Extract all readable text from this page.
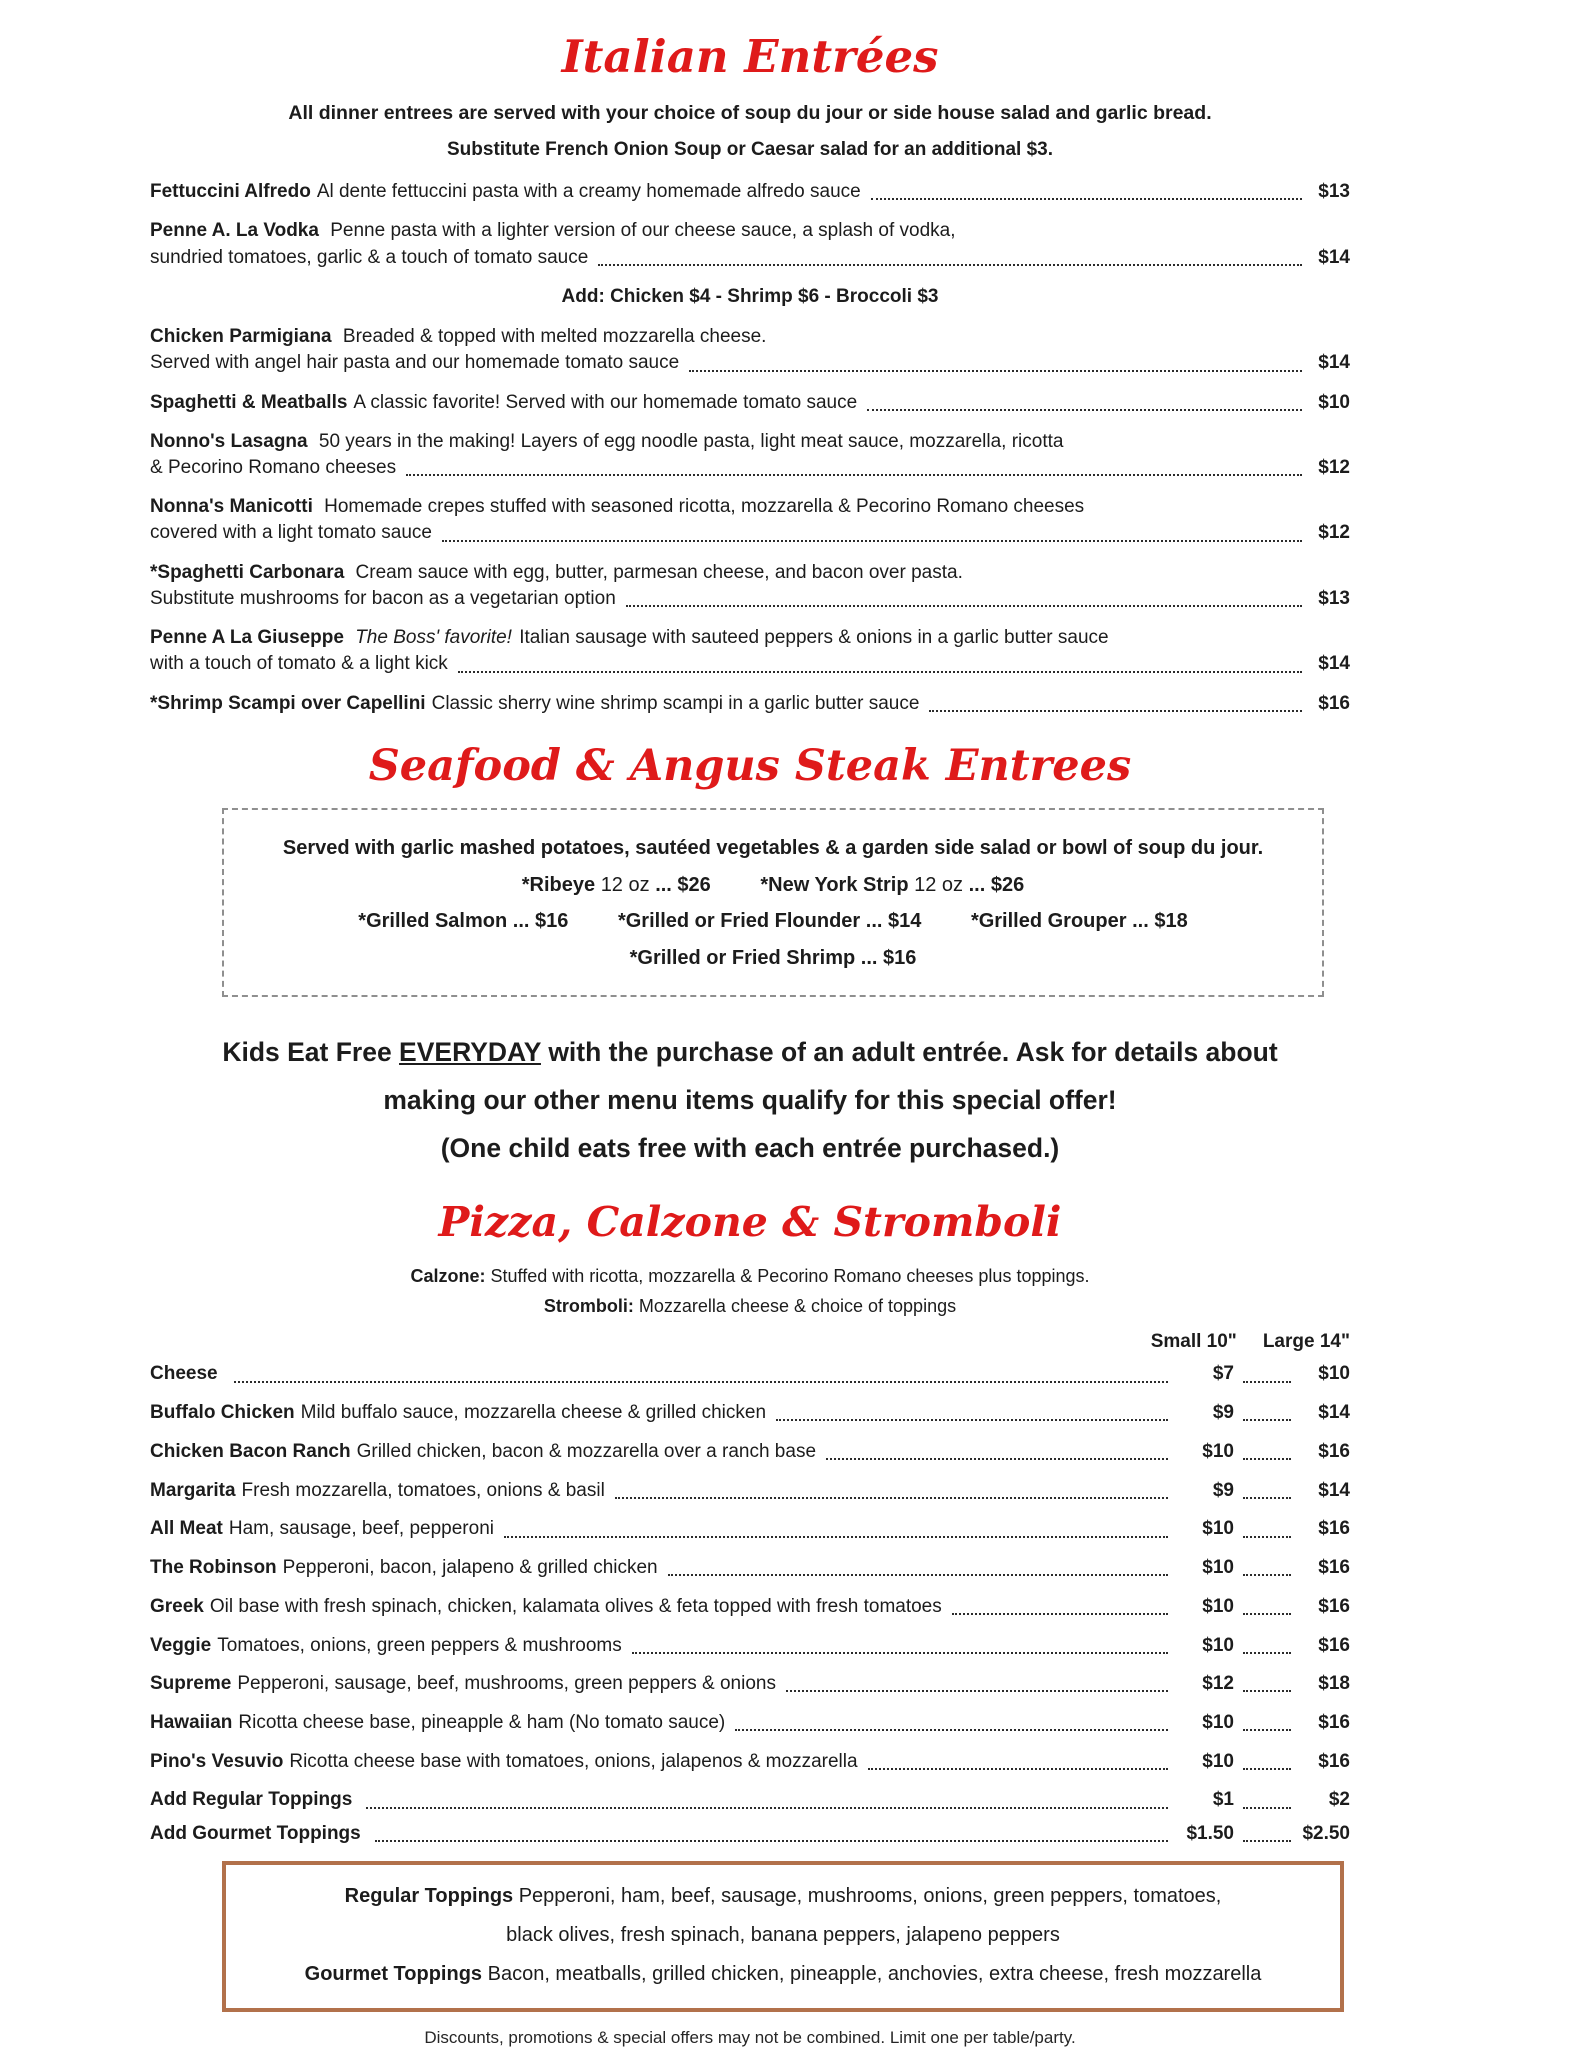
Italian Entrées

All dinner entrees are served with your choice of soup du jour or side house salad and garlic bread.

Substitute French Onion Soup or Caesar salad for an additional $3.

Fettuccini Alfredo Al dente fettuccini pasta with a creamy homemade alfredo sauce	$13
Penne A. La Vodka Penne pasta with a lighter version of our cheese sauce, a splash of vodka,
sundried tomatoes, garlic & a touch of tomato sauce	$14

Add: Chicken $4 - Shrimp $6 - Broccoli $3

Chicken Parmigiana Breaded & topped with melted mozzarella cheese.
Served with angel hair pasta and our homemade tomato sauce	$14
Spaghetti & Meatballs A classic favorite! Served with our homemade tomato sauce	$10
Nonno's Lasagna 50 years in the making! Layers of egg noodle pasta, light meat sauce, mozzarella, ricotta
& Pecorino Romano cheeses	$12
Nonna's Manicotti Homemade crepes stuffed with seasoned ricotta, mozzarella & Pecorino Romano cheeses
covered with a light tomato sauce	$12
*Spaghetti Carbonara Cream sauce with egg, butter, parmesan cheese, and bacon over pasta.
Substitute mushrooms for bacon as a vegetarian option	$13
Penne A La Giuseppe The Boss' favorite! Italian sausage with sauteed peppers & onions in a garlic butter sauce
with a touch of tomato & a light kick	$14
*Shrimp Scampi over Capellini Classic sherry wine shrimp scampi in a garlic butter sauce	$16
Seafood & Angus Steak Entrees
Served with garlic mashed potatoes, sautéed vegetables & a garden side salad or bowl of soup du jour.
*Ribeye 12 oz ... $26 *New York Strip 12 oz ... $26
*Grilled Salmon ... $16 *Grilled or Fried Flounder ... $14 *Grilled Grouper ... $18
*Grilled or Fried Shrimp ... $16
Kids Eat Free EVERYDAY with the purchase of an adult entrée. Ask for details about
making our other menu items qualify for this special offer!
(One child eats free with each entrée purchased.)
Pizza, Calzone & Stromboli
Calzone: Stuffed with ricotta, mozzarella & Pecorino Romano cheeses plus toppings.
Stromboli: Mozzarella cheese & choice of toppings
Small 10" Large 14"
Cheese	$7	$10
Buffalo Chicken Mild buffalo sauce, mozzarella cheese & grilled chicken	$9	$14
Chicken Bacon Ranch Grilled chicken, bacon & mozzarella over a ranch base	$10	$16
Margarita Fresh mozzarella, tomatoes, onions & basil	$9	$14
All Meat Ham, sausage, beef, pepperoni	$10	$16
The Robinson Pepperoni, bacon, jalapeno & grilled chicken	$10	$16
Greek Oil base with fresh spinach, chicken, kalamata olives & feta topped with fresh tomatoes	$10	$16
Veggie Tomatoes, onions, green peppers & mushrooms	$10	$16
Supreme Pepperoni, sausage, beef, mushrooms, green peppers & onions	$12	$18
Hawaiian Ricotta cheese base, pineapple & ham (No tomato sauce)	$10	$16
Pino's Vesuvio Ricotta cheese base with tomatoes, onions, jalapenos & mozzarella	$10	$16
Add Regular Toppings	$1	$2
Add Gourmet Toppings	$1.50	$2.50
Regular Toppings Pepperoni, ham, beef, sausage, mushrooms, onions, green peppers, tomatoes,
black olives, fresh spinach, banana peppers, jalapeno peppers
Gourmet Toppings Bacon, meatballs, grilled chicken, pineapple, anchovies, extra cheese, fresh mozzarella

Discounts, promotions & special offers may not be combined. Limit one per table/party.
